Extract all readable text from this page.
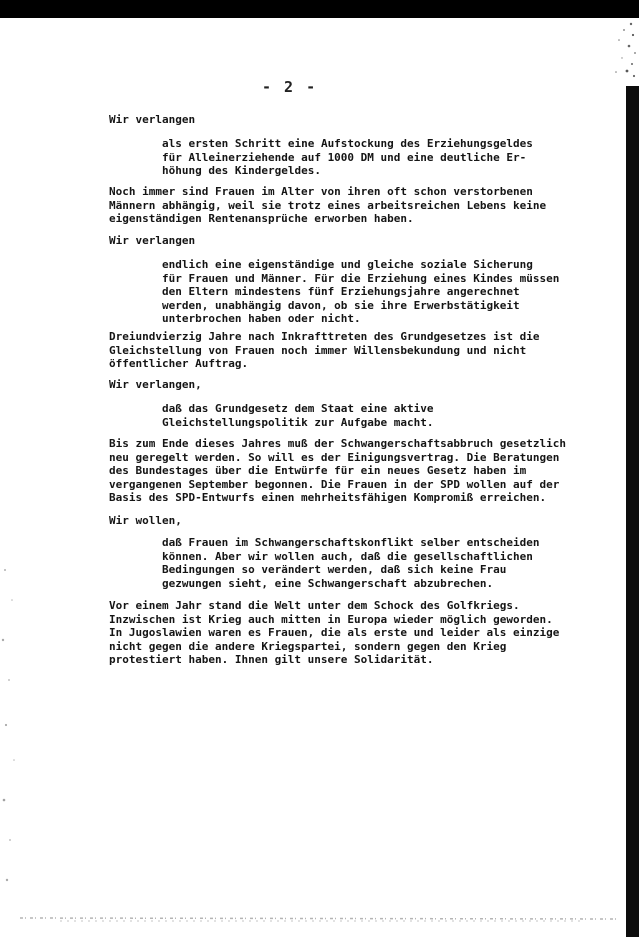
- 2 -

Wir verlangen

als ersten Schritt eine Aufstockung des Erziehungsgeldes
für Alleinerziehende auf 1000 DM und eine deutliche Er-
höhung des Kindergeldes.

Noch immer sind Frauen im Alter von ihren oft schon verstorbenen
Männern abhängig, weil sie trotz eines arbeitsreichen Lebens keine
eigenständigen Rentenansprüche erworben haben.

Wir verlangen

endlich eine eigenständige und gleiche soziale Sicherung
für Frauen und Männer. Für die Erziehung eines Kindes müssen
den Eltern mindestens fünf Erziehungsjahre angerechnet
werden, unabhängig davon, ob sie ihre Erwerbstätigkeit
unterbrochen haben oder nicht.

Dreiundvierzig Jahre nach Inkrafttreten des Grundgesetzes ist die
Gleichstellung von Frauen noch immer Willensbekundung und nicht
öffentlicher Auftrag.

Wir verlangen,

daß das Grundgesetz dem Staat eine aktive
Gleichstellungspolitik zur Aufgabe macht.

Bis zum Ende dieses Jahres muß der Schwangerschaftsabbruch gesetzlich
neu geregelt werden. So will es der Einigungsvertrag. Die Beratungen
des Bundestages über die Entwürfe für ein neues Gesetz haben im
vergangenen September begonnen. Die Frauen in der SPD wollen auf der
Basis des SPD-Entwurfs einen mehrheitsfähigen Kompromiß erreichen.

Wir wollen,

daß Frauen im Schwangerschaftskonflikt selber entscheiden
können. Aber wir wollen auch, daß die gesellschaftlichen
Bedingungen so verändert werden, daß sich keine Frau
gezwungen sieht, eine Schwangerschaft abzubrechen.

Vor einem Jahr stand die Welt unter dem Schock des Golfkriegs.
Inzwischen ist Krieg auch mitten in Europa wieder möglich geworden.
In Jugoslawien waren es Frauen, die als erste und leider als einzige
nicht gegen die andere Kriegspartei, sondern gegen den Krieg
protestiert haben. Ihnen gilt unsere Solidarität.
